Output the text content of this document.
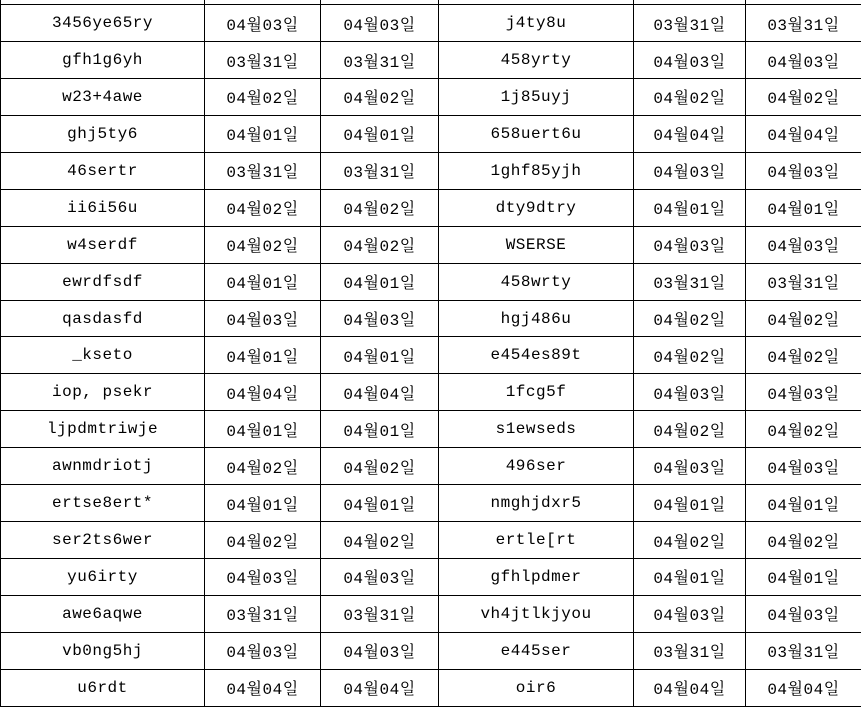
3456ye65ry	04월03일	04월03일	j4ty8u	03월31일	03월31일
gfh1g6yh	03월31일	03월31일	458yrty	04월03일	04월03일
w23+4awe	04월02일	04월02일	1j85uyj	04월02일	04월02일
ghj5ty6	04월01일	04월01일	658uert6u	04월04일	04월04일
46sertr	03월31일	03월31일	1ghf85yjh	04월03일	04월03일
ii6i56u	04월02일	04월02일	dty9dtry	04월01일	04월01일
w4serdf	04월02일	04월02일	WSERSE	04월03일	04월03일
ewrdfsdf	04월01일	04월01일	458wrty	03월31일	03월31일
qasdasfd	04월03일	04월03일	hgj486u	04월02일	04월02일
_kseto	04월01일	04월01일	e454es89t	04월02일	04월02일
iop, psekr	04월04일	04월04일	1fcg5f	04월03일	04월03일
ljpdmtriwje	04월01일	04월01일	s1ewseds	04월02일	04월02일
awnmdriotj	04월02일	04월02일	496ser	04월03일	04월03일
ertse8ert*	04월01일	04월01일	nmghjdxr5	04월01일	04월01일
ser2ts6wer	04월02일	04월02일	ertle[rt	04월02일	04월02일
yu6irty	04월03일	04월03일	gfhlpdmer	04월01일	04월01일
awe6aqwe	03월31일	03월31일	vh4jtlkjyou	04월03일	04월03일
vb0ng5hj	04월03일	04월03일	e445ser	03월31일	03월31일
u6rdt	04월04일	04월04일	oir6	04월04일	04월04일
